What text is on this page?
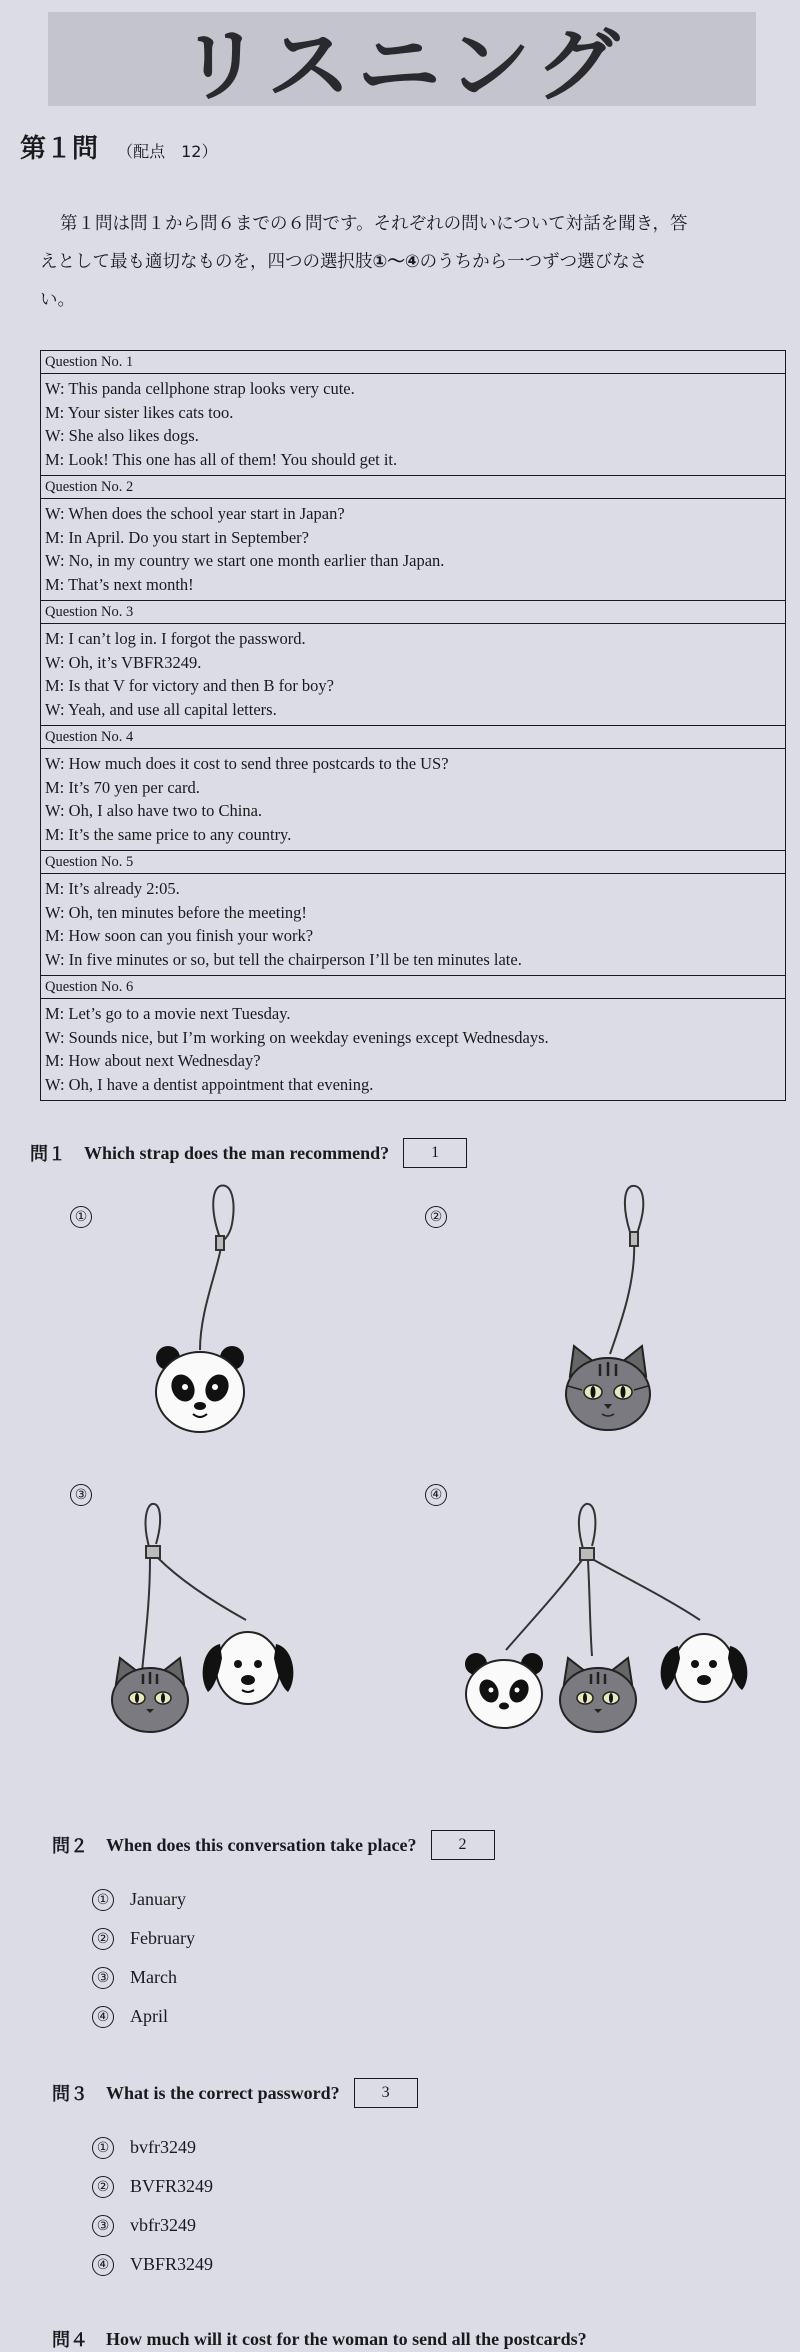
リスニング
第１問 （配点　12）
第１問は問１から問６までの６問です。それぞれの問いについて対話を聞き，答
えとして最も適切なものを，四つの選択肢①～④のうちから一つずつ選びなさ
い。
Question No. 1
W: This panda cellphone strap looks very cute.
M: Your sister likes cats too.
W: She also likes dogs.
M: Look! This one has all of them! You should get it.
Question No. 2
W: When does the school year start in Japan?
M: In April. Do you start in September?
W: No, in my country we start one month earlier than Japan.
M: That’s next month!
Question No. 3
M: I can’t log in. I forgot the password.
W: Oh, it’s VBFR3249.
M: Is that V for victory and then B for boy?
W: Yeah, and use all capital letters.
Question No. 4
W: How much does it cost to send three postcards to the US?
M: It’s 70 yen per card.
W: Oh, I also have two to China.
M: It’s the same price to any country.
Question No. 5
M: It’s already 2:05.
W: Oh, ten minutes before the meeting!
M: How soon can you finish your work?
W: In five minutes or so, but tell the chairperson I’ll be ten minutes late.
Question No. 6
M: Let’s go to a movie next Tuesday.
W: Sounds nice, but I’m working on weekday evenings except Wednesdays.
M: How about next Wednesday?
W: Oh, I have a dentist appointment that evening.
問１ Which strap does the man recommend?	1
①	②
③	④
問２ When does this conversation take place?	2
① January
② February
③ March
④ April
問３ What is the correct password?	3
① bvfr3249
② BVFR3249
③ vbfr3249
④ VBFR3249
問４ How much will it cost for the woman to send all the postcards?
